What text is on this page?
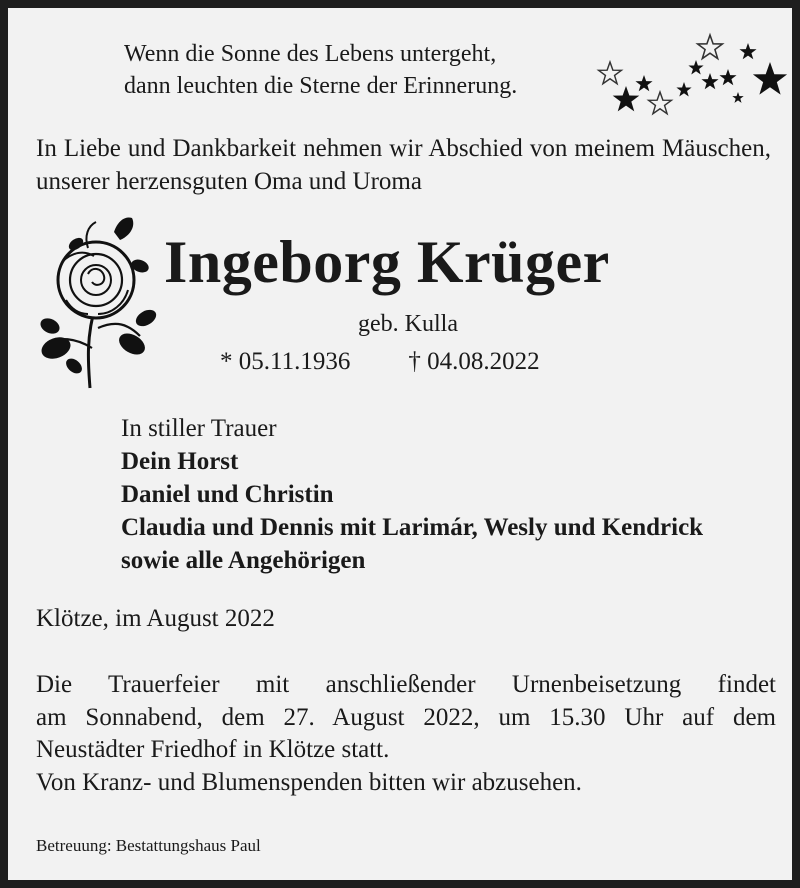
Wenn die Sonne des Lebens untergeht,
dann leuchten die Sterne der Erinnerung.
In Liebe und Dankbarkeit nehmen wir Abschied von meinem Mäuschen, unserer herzensguten Oma und Uroma
Ingeborg Krüger
geb. Kulla
* 05.11.1936 † 04.08.2022
In stiller Trauer
Dein Horst
Daniel und Christin
Claudia und Dennis mit Larimár, Wesly und Kendrick
sowie alle Angehörigen
Klötze, im August 2022

Die Trauerfeier mit anschließender Urnenbeisetzung findet

am Sonnabend, dem 27. August 2022, um 15.30 Uhr auf dem

Neustädter Friedhof in Klötze statt.

Von Kranz- und Blumenspenden bitten wir abzusehen.

Betreuung: Bestattungshaus Paul
